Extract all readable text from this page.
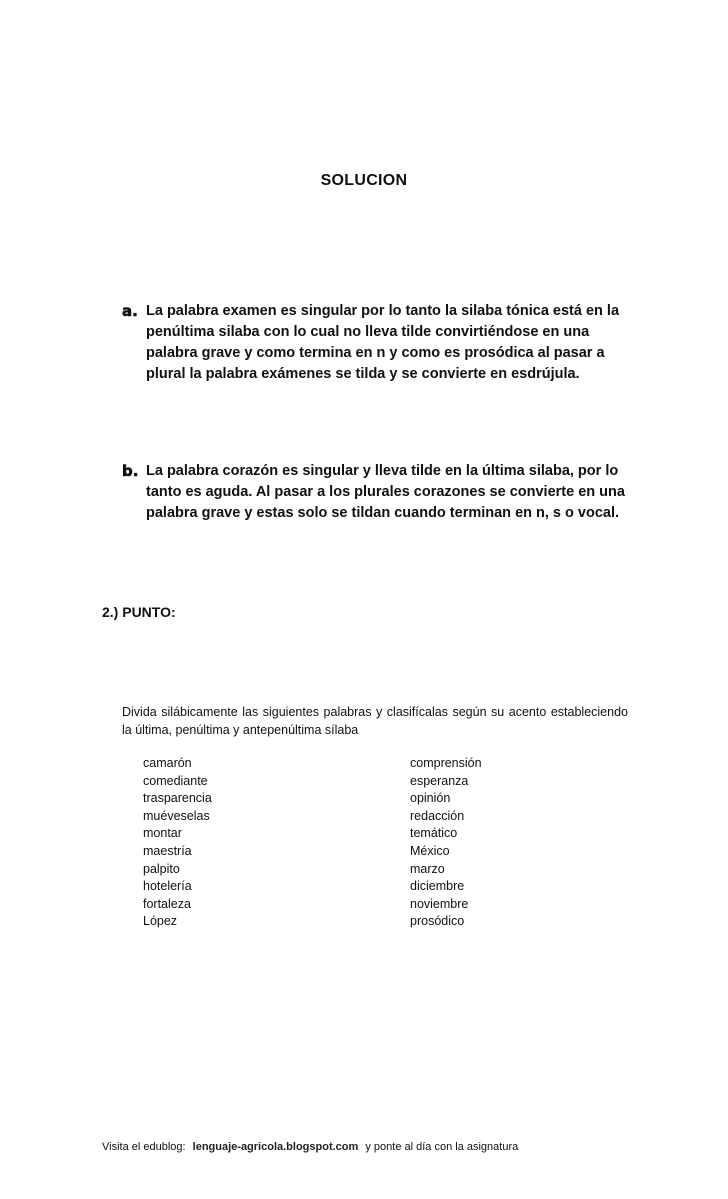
SOLUCION
a. La palabra examen es singular por lo tanto la silaba tónica está en la penúltima silaba con lo cual no lleva tilde convirtiéndose en una palabra grave y como termina en n y como es prosódica al pasar a plural la palabra exámenes se tilda y se convierte en esdrújula.
b. La palabra corazón es singular y lleva tilde en la última silaba, por lo tanto es aguda. Al pasar a los plurales corazones se convierte en una palabra grave y estas solo se tildan cuando terminan en n, s o vocal.
2.) PUNTO:
Divida silábicamente las siguientes palabras y clasifícalas según su acento estableciendo la última, penúltima y antepenúltima sílaba
camarón
comediante
trasparencia
muéveselas
montar
maestría
palpito
hotelería
fortaleza
López
comprensión
esperanza
opinión
redacción
temático
México
marzo
diciembre
noviembre
prosódico
Visita el edublog: lenguaje-agricola.blogspot.com y ponte al día con la asignatura
